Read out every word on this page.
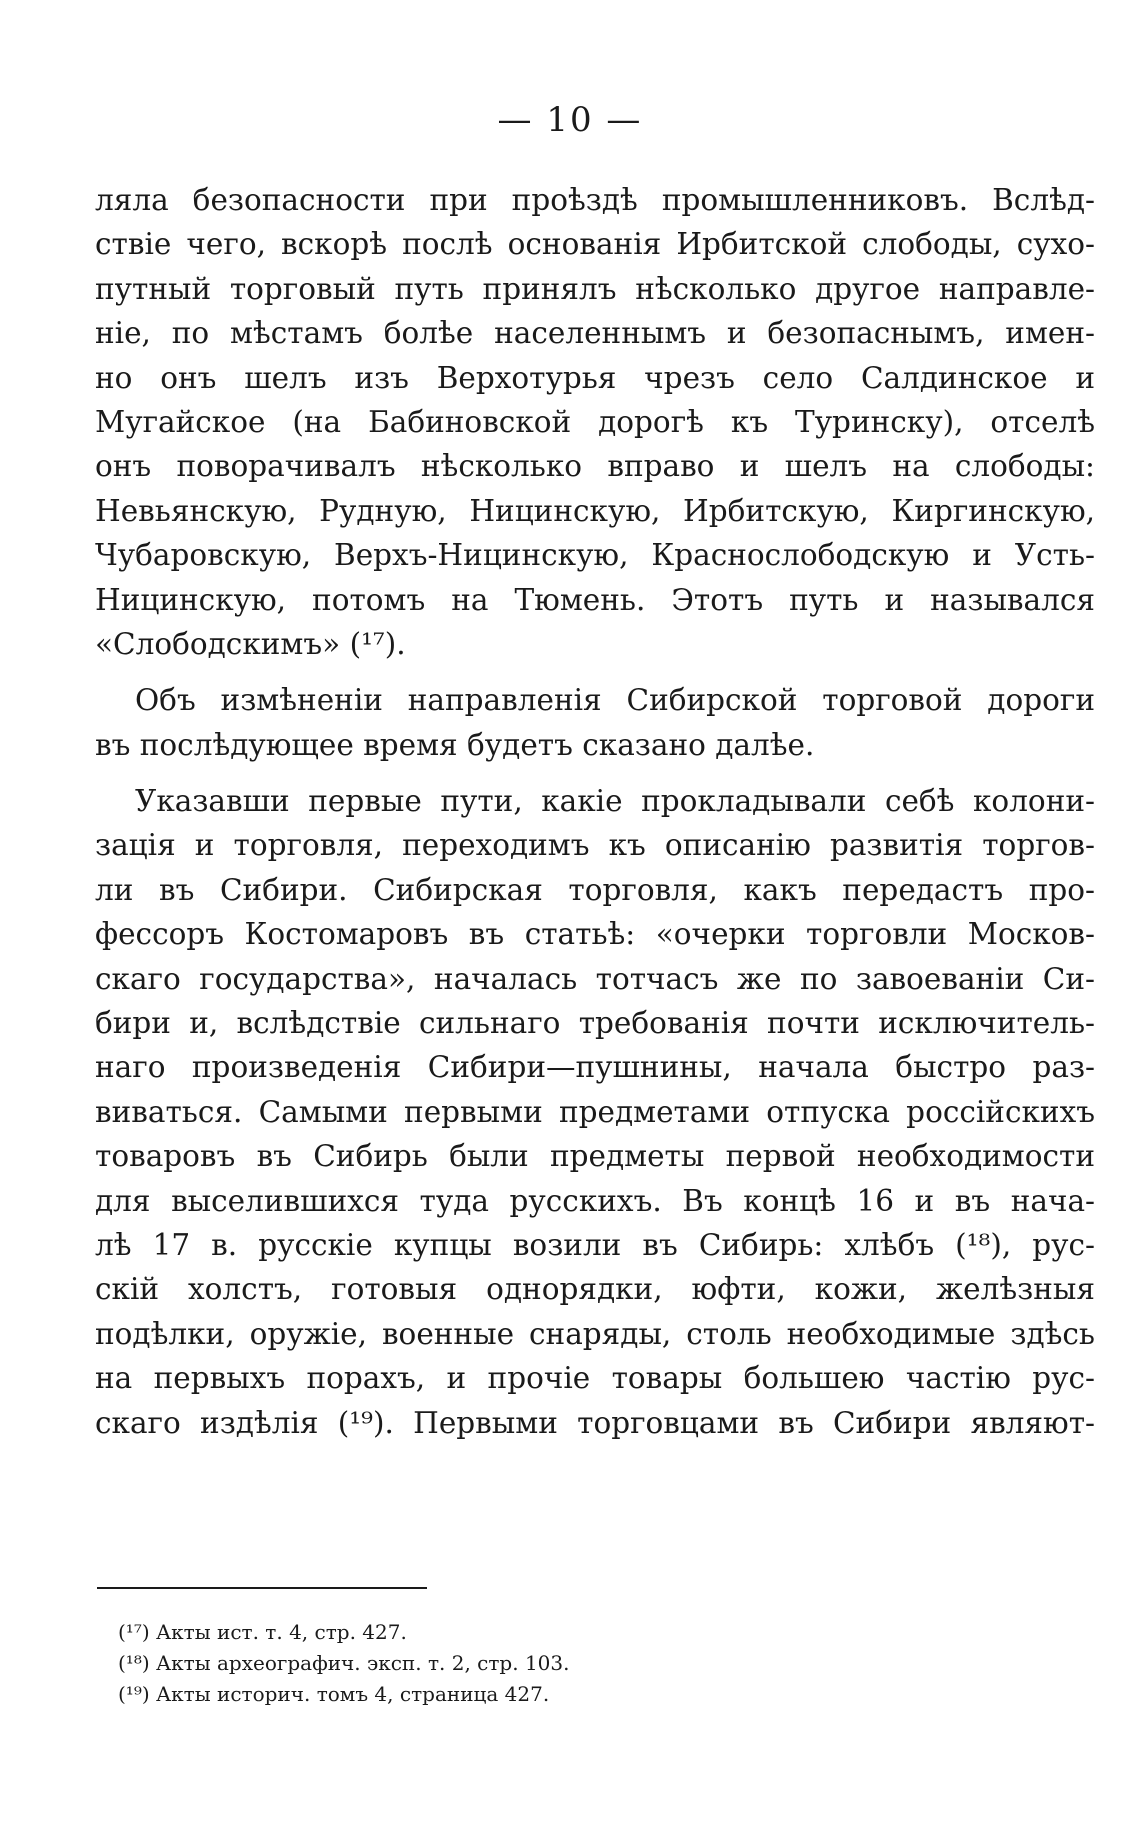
— 10 —
ляла безопасности при проѣздѣ промышленниковъ. Вслѣд-
ствіе чего, вскорѣ послѣ основанія Ирбитской слободы, сухо-
путный торговый путь принялъ нѣсколько другое направле-
ніе, по мѣстамъ болѣе населеннымъ и безопаснымъ, имен-
но онъ шелъ изъ Верхотурья чрезъ село Салдинское и
Мугайское (на Бабиновской дорогѣ къ Туринску), отселѣ
онъ поворачивалъ нѣсколько вправо и шелъ на слободы:
Невьянскую, Рудную, Ницинскую, Ирбитскую, Киргинскую,
Чубаровскую, Верхъ-Ницинскую, Краснослободскую и Усть-
Ницинскую, потомъ на Тюмень. Этотъ путь и назывался
«Слободскимъ» (¹⁷).
Объ измѣненіи направленія Сибирской торговой дороги
въ послѣдующее время будетъ сказано далѣе.
Указавши первые пути, какіе прокладывали себѣ колони-
зація и торговля, переходимъ къ описанію развитія торгов-
ли въ Сибири. Сибирская торговля, какъ передастъ про-
фессоръ Костомаровъ въ статьѣ: «очерки торговли Москов-
скаго государства», началась тотчасъ же по завоеваніи Си-
бири и, вслѣдствіе сильнаго требованія почти исключитель-
наго произведенія Сибири—пушнины, начала быстро раз-
виваться. Самыми первыми предметами отпуска россійскихъ
товаровъ въ Сибирь были предметы первой необходимости
для выселившихся туда русскихъ. Въ концѣ 16 и въ нача-
лѣ 17 в. русскіе купцы возили въ Сибирь: хлѣбъ (¹⁸), рус-
скій холстъ, готовыя однорядки, юфти, кожи, желѣзныя
подѣлки, оружіе, военные снаряды, столь необходимые здѣсь
на первыхъ порахъ, и прочіе товары большею частію рус-
скаго издѣлія (¹⁹). Первыми торговцами въ Сибири являют-
(¹⁷) Акты ист. т. 4, стр. 427.
(¹⁸) Акты археографич. эксп. т. 2, стр. 103.
(¹⁹) Акты историч. томъ 4, страница 427.
